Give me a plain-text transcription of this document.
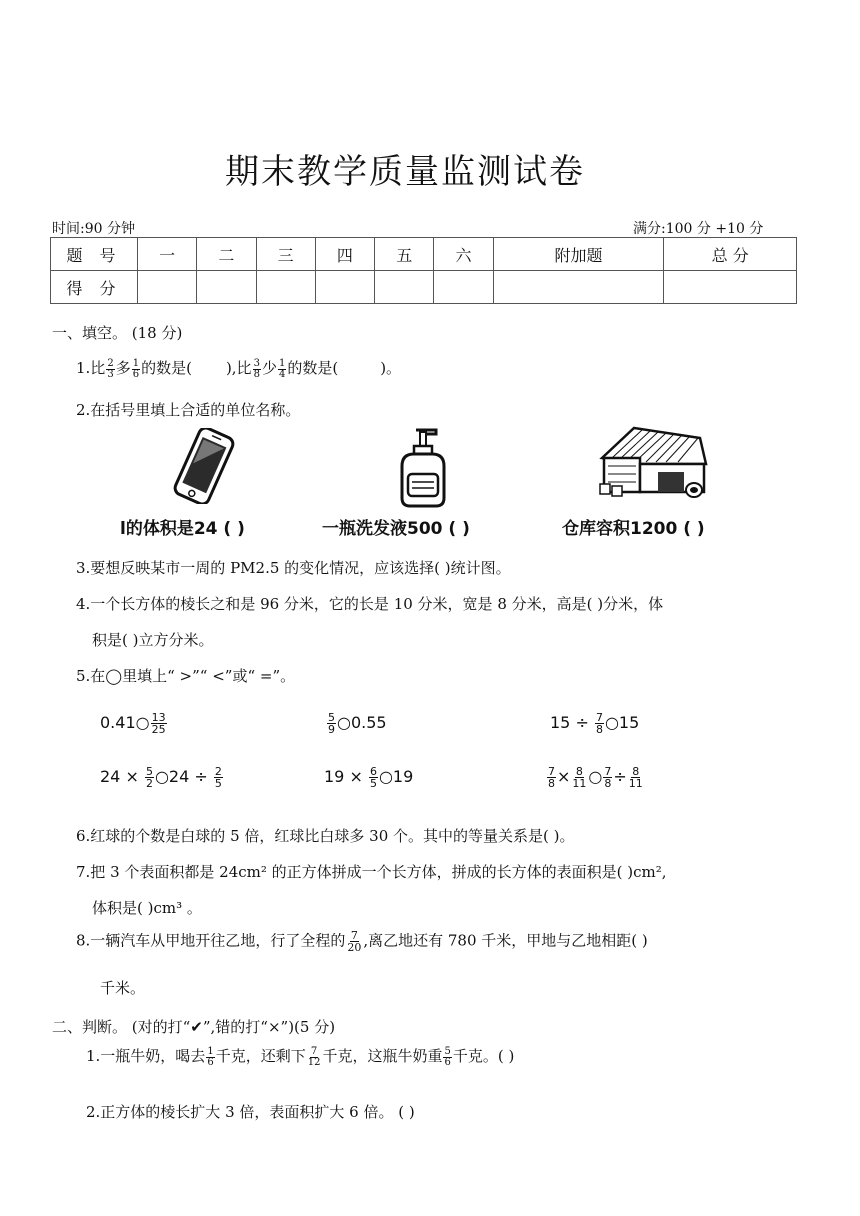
期末教学质量监测试卷
时间:90 分钟	满分:100 分 +10 分
题 号	一	二	三	四	五	六	附加题	总 分
得 分								
一、填空。 (18 分)
1.比 $\frac{2}{3}$ 多 $\frac{1}{6}$ 的数是( ),比 $\frac{3}{8}$ 少 $\frac{1}{4}$ 的数是(	)。
2.在括号里填上合适的单位名称。
l的体积是24 ( )	一瓶洗发液500 ( )	仓库容积1200 ( )
3.要想反映某市一周的 PM2.5 的变化情况，应该选择( )统计图。
4.一个长方体的棱长之和是 96 分米，它的长是 10 分米，宽是 8 分米，高是( )分米，体
积是( )立方分米。
5.在◯里填上“ >”“ <”或“ =”。
0.41○ $\frac{13}{25}$	$\frac{5}{9}$ ○0.55	$15 \div \frac{7}{8}$ ○15
$24 \times \frac{5}{2}$ ○24 ÷ $\frac{2}{5}$	$19 \times \frac{6}{5}$ ○19	$\frac{7}{8} \times \frac{8}{11}$ ○ $\frac{7}{8} \div \frac{8}{11}$
6.红球的个数是白球的 5 倍，红球比白球多 30 个。其中的等量关系是( )。
7.把 3 个表面积都是 24cm² 的正方体拼成一个长方体，拼成的长方体的表面积是( )cm²,
体积是( )cm³ 。
8.一辆汽车从甲地开往乙地，行了全程的 $\frac{7}{20}$ ,离乙地还有 780 千米，甲地与乙地相距( )
千米。
二、判断。 (对的打“✔”,错的打“×”)(5 分)
1.一瓶牛奶，喝去 $\frac{1}{6}$ 千克，还剩下 $\frac{7}{12}$ 千克，这瓶牛奶重 $\frac{5}{6}$ 千克。( )
2.正方体的棱长扩大 3 倍，表面积扩大 6 倍。 ( )
